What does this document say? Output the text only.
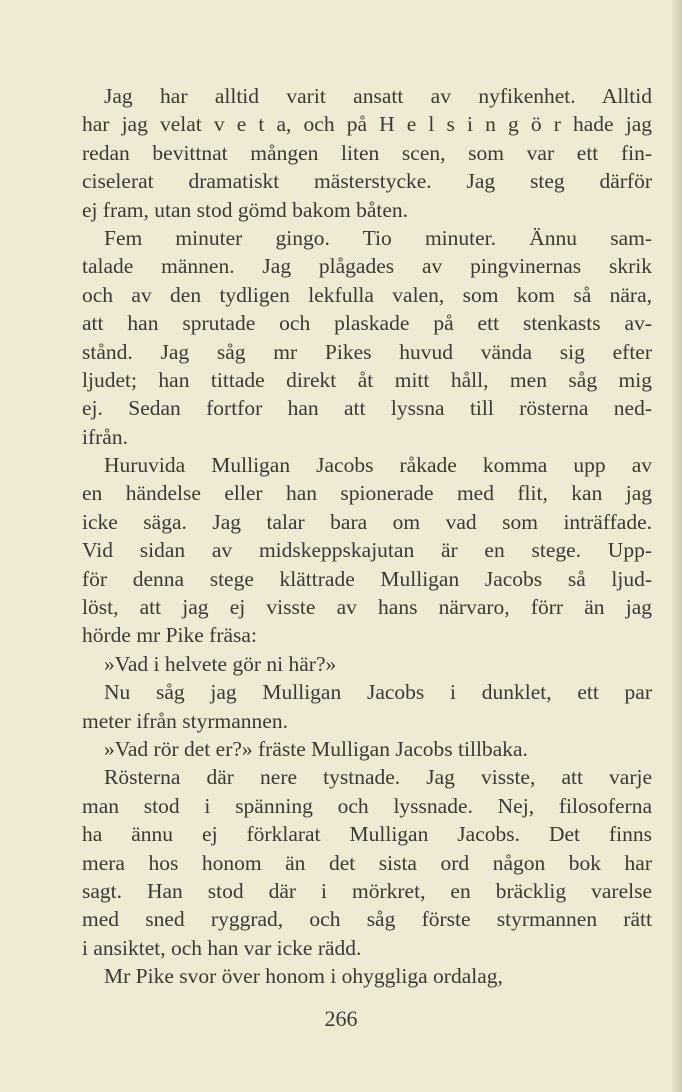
Jag har alltid varit ansatt av nyfikenhet. Alltid
har jag velat v e t a, och på H e l s i n g ö r hade jag
redan bevittnat mången liten scen, som var ett fin-
ciselerat dramatiskt mästerstycke. Jag steg därför
ej fram, utan stod gömd bakom båten.
Fem minuter gingo. Tio minuter. Ännu sam-
talade männen. Jag plågades av pingvinernas skrik
och av den tydligen lekfulla valen, som kom så nära,
att han sprutade och plaskade på ett stenkasts av-
stånd. Jag såg mr Pikes huvud vända sig efter
ljudet; han tittade direkt åt mitt håll, men såg mig
ej. Sedan fortfor han att lyssna till rösterna ned-
ifrån.
Huruvida Mulligan Jacobs råkade komma upp av
en händelse eller han spionerade med flit, kan jag
icke säga. Jag talar bara om vad som inträffade.
Vid sidan av midskeppskajutan är en stege. Upp-
för denna stege klättrade Mulligan Jacobs så ljud-
löst, att jag ej visste av hans närvaro, förr än jag
hörde mr Pike fräsa:
»Vad i helvete gör ni här?»
Nu såg jag Mulligan Jacobs i dunklet, ett par
meter ifrån styrmannen.
»Vad rör det er?» fräste Mulligan Jacobs tillbaka.
Rösterna där nere tystnade. Jag visste, att varje
man stod i spänning och lyssnade. Nej, filosoferna
ha ännu ej förklarat Mulligan Jacobs. Det finns
mera hos honom än det sista ord någon bok har
sagt. Han stod där i mörkret, en bräcklig varelse
med sned ryggrad, och såg förste styrmannen rätt
i ansiktet, och han var icke rädd.
Mr Pike svor över honom i ohyggliga ordalag,
266
